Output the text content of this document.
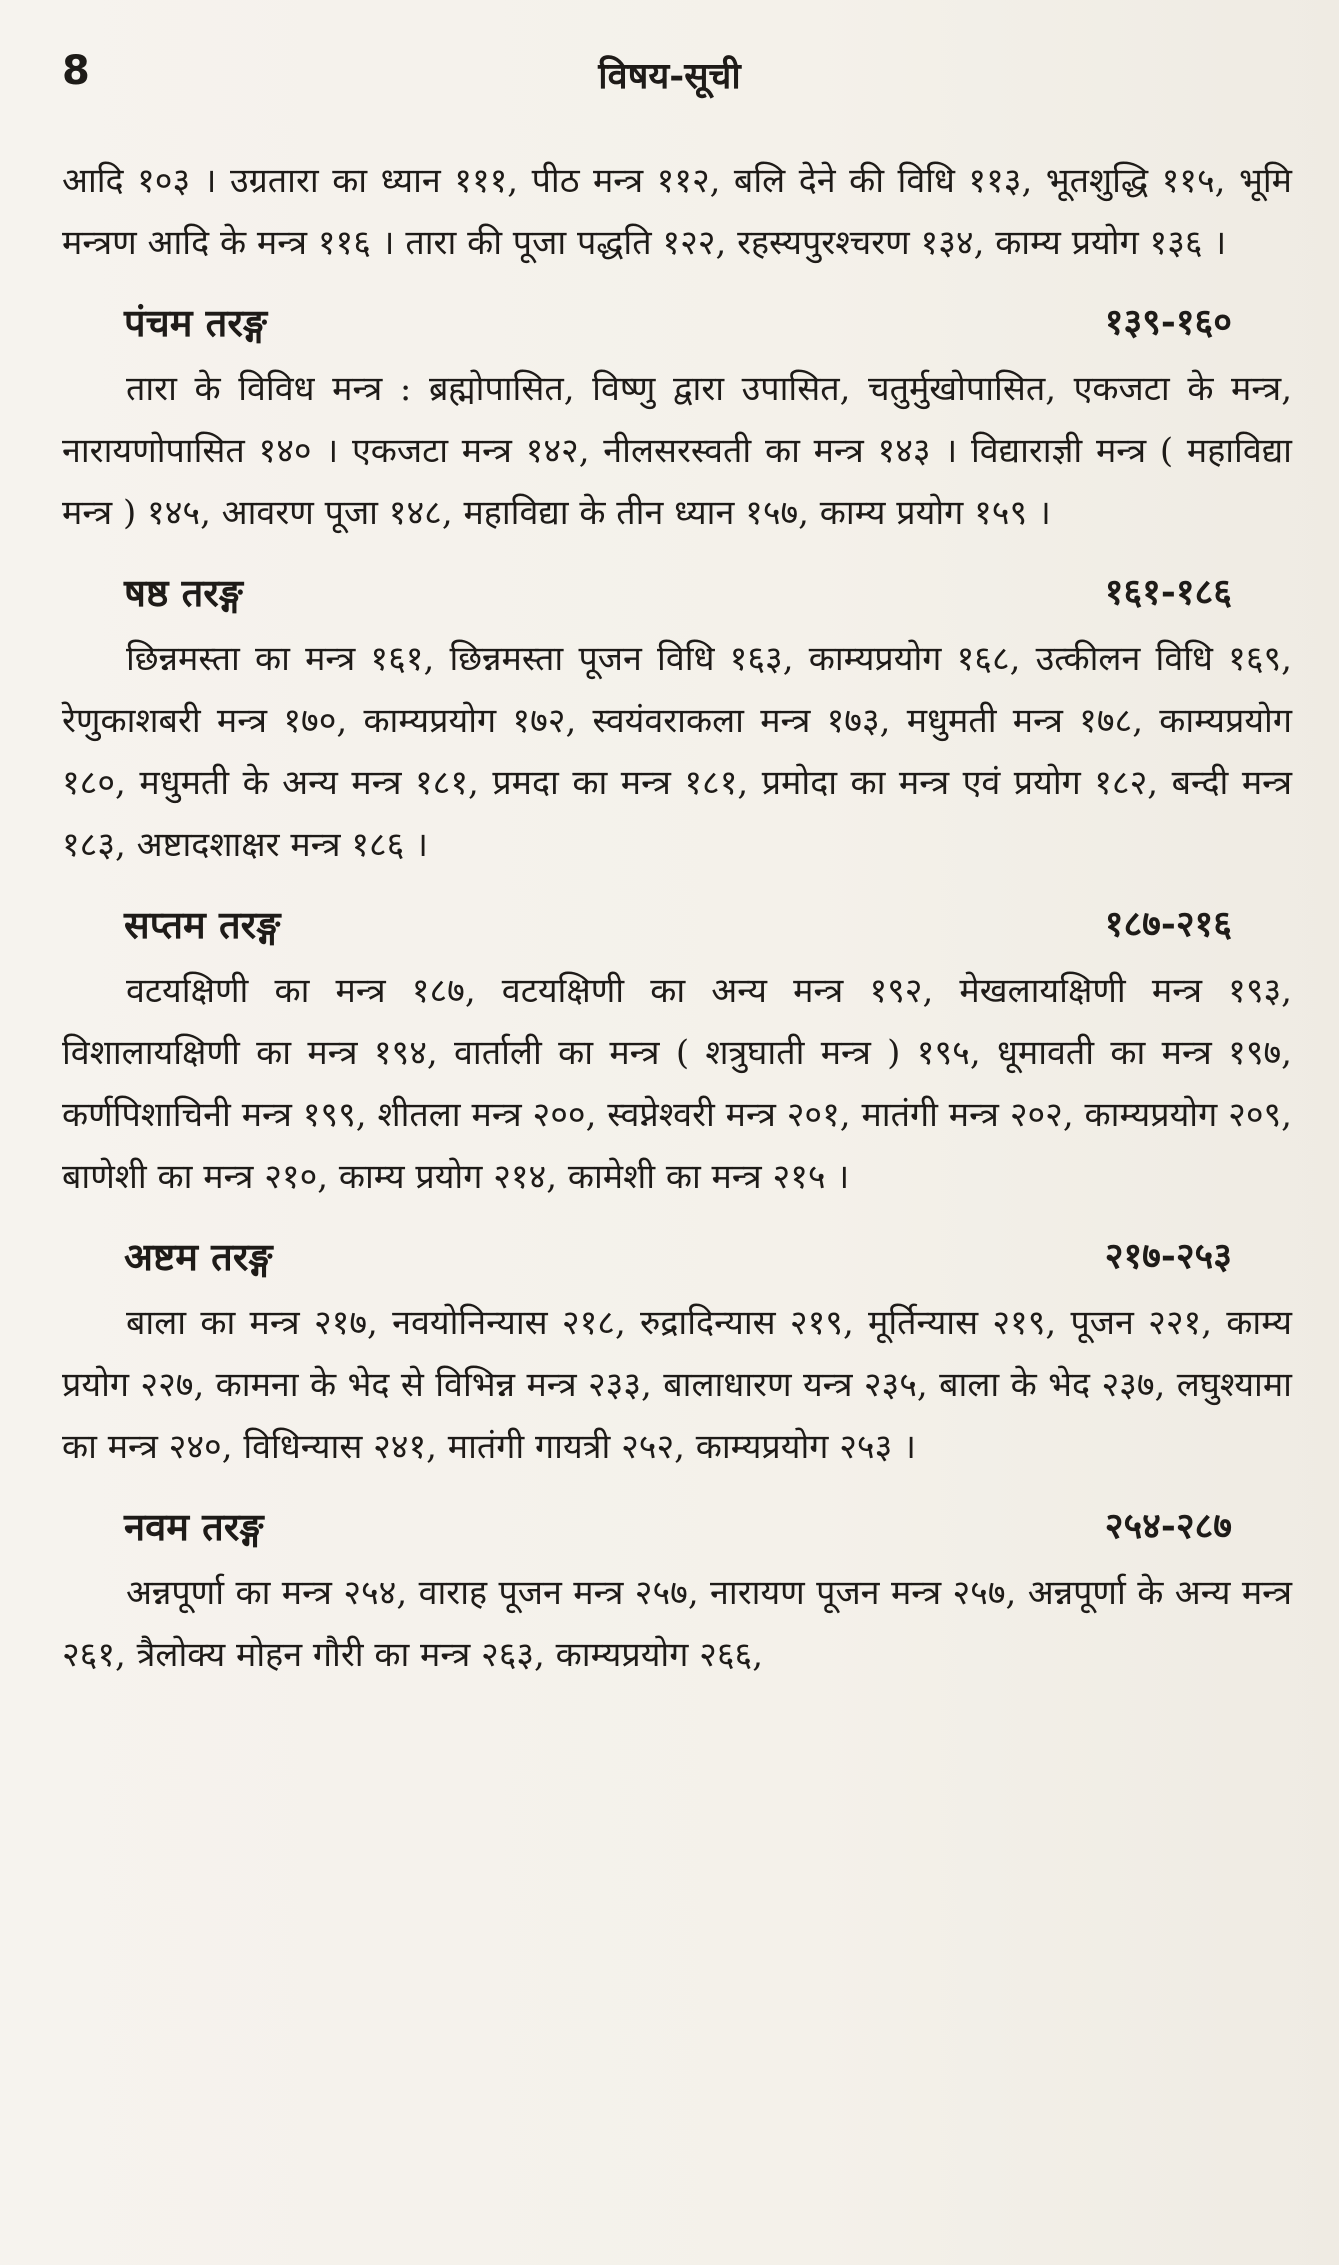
8	विषय-सूची

आदि १०३ । उग्रतारा का ध्यान १११, पीठ मन्त्र ११२, बलि देने की विधि ११३, भूतशुद्धि ११५, भूमि मन्त्रण आदि के मन्त्र ११६ । तारा की पूजा पद्धति १२२, रहस्यपुरश्चरण १३४, काम्य प्रयोग १३६ ।

पंचम तरङ्ग	१३९-१६०

तारा के विविध मन्त्र : ब्रह्मोपासित, विष्णु द्वारा उपासित, चतुर्मुखोपासित, एकजटा के मन्त्र, नारायणोपासित १४० । एकजटा मन्त्र १४२, नीलसरस्वती का मन्त्र १४३ । विद्याराज्ञी मन्त्र ( महाविद्या मन्त्र ) १४५, आवरण पूजा १४८, महाविद्या के तीन ध्यान १५७, काम्य प्रयोग १५९ ।

षष्ठ तरङ्ग	१६१-१८६

छिन्नमस्ता का मन्त्र १६१, छिन्नमस्ता पूजन विधि १६३, काम्यप्रयोग १६८, उत्कीलन विधि १६९, रेणुकाशबरी मन्त्र १७०, काम्यप्रयोग १७२, स्वयंवराकला मन्त्र १७३, मधुमती मन्त्र १७८, काम्यप्रयोग १८०, मधुमती के अन्य मन्त्र १८१, प्रमदा का मन्त्र १८१, प्रमोदा का मन्त्र एवं प्रयोग १८२, बन्दी मन्त्र १८३, अष्टादशाक्षर मन्त्र १८६ ।

सप्तम तरङ्ग	१८७-२१६

वटयक्षिणी का मन्त्र १८७, वटयक्षिणी का अन्य मन्त्र १९२, मेखलायक्षिणी मन्त्र १९३, विशालायक्षिणी का मन्त्र १९४, वार्ताली का मन्त्र ( शत्रुघाती मन्त्र ) १९५, धूमावती का मन्त्र १९७, कर्णपिशाचिनी मन्त्र १९९, शीतला मन्त्र २००, स्वप्नेश्वरी मन्त्र २०१, मातंगी मन्त्र २०२, काम्यप्रयोग २०९, बाणेशी का मन्त्र २१०, काम्य प्रयोग २१४, कामेशी का मन्त्र २१५ ।

अष्टम तरङ्ग	२१७-२५३

बाला का मन्त्र २१७, नवयोनिन्यास २१८, रुद्रादिन्यास २१९, मूर्तिन्यास २१९, पूजन २२१, काम्य प्रयोग २२७, कामना के भेद से विभिन्न मन्त्र २३३, बालाधारण यन्त्र २३५, बाला के भेद २३७, लघुश्यामा का मन्त्र २४०, विधिन्यास २४१, मातंगी गायत्री २५२, काम्यप्रयोग २५३ ।

नवम तरङ्ग	२५४-२८७

अन्नपूर्णा का मन्त्र २५४, वाराह पूजन मन्त्र २५७, नारायण पूजन मन्त्र २५७, अन्नपूर्णा के अन्य मन्त्र २६१, त्रैलोक्य मोहन गौरी का मन्त्र २६३, काम्यप्रयोग २६६,
